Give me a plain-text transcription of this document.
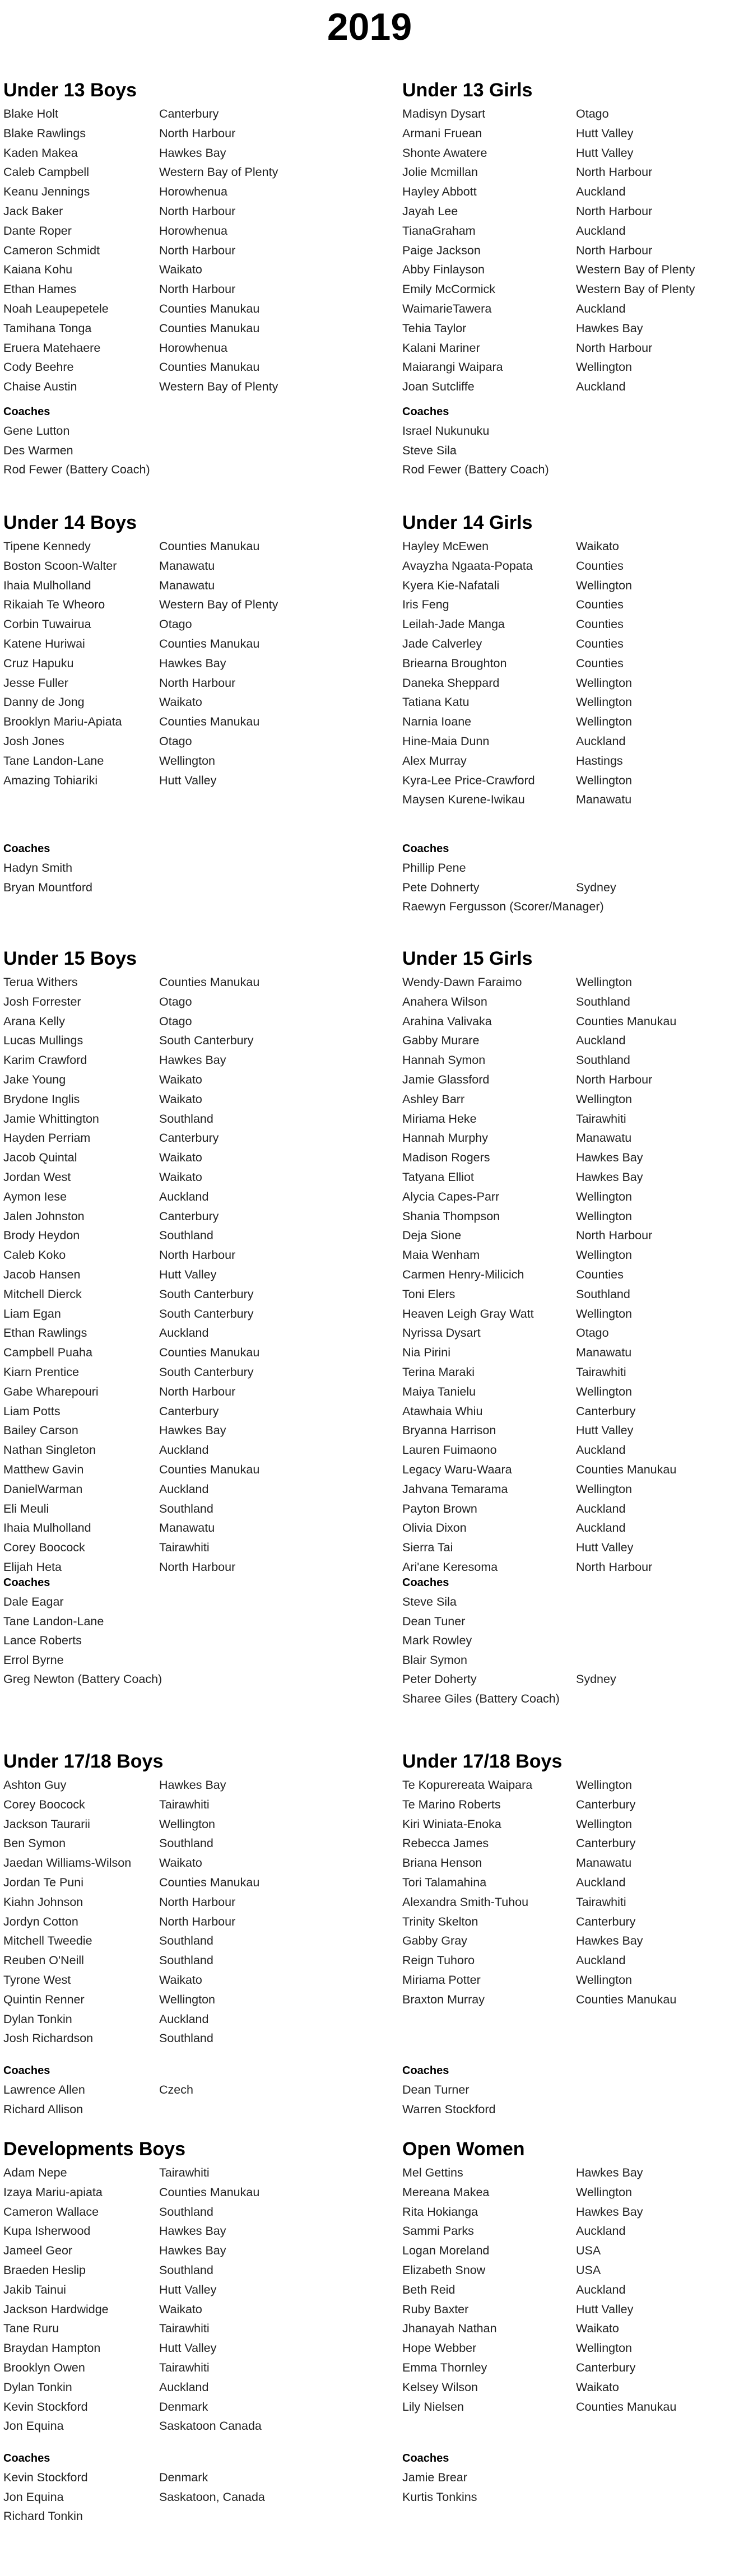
2019
Under 13 Boys
Blake Holt	Canterbury
Blake Rawlings	North Harbour
Kaden Makea	Hawkes Bay
Caleb Campbell	Western Bay of Plenty
Keanu Jennings	Horowhenua
Jack Baker	North Harbour
Dante Roper	Horowhenua
Cameron Schmidt	North Harbour
Kaiana Kohu	Waikato
Ethan Hames	North Harbour
Noah Leaupepetele	Counties Manukau
Tamihana Tonga	Counties Manukau
Eruera Matehaere	Horowhenua
Cody Beehre	Counties Manukau
Chaise Austin	Western Bay of Plenty
Coaches
Gene Lutton
Des Warmen
Rod Fewer (Battery Coach)
Under 13 Girls
Madisyn Dysart	Otago
Armani Fruean	Hutt Valley
Shonte Awatere	Hutt Valley
Jolie Mcmillan	North Harbour
Hayley Abbott	Auckland
Jayah Lee	North Harbour
TianaGraham	Auckland
Paige Jackson	North Harbour
Abby Finlayson	Western Bay of Plenty
Emily McCormick	Western Bay of Plenty
WaimarieTawera	Auckland
Tehia Taylor	Hawkes Bay
Kalani Mariner	North Harbour
Maiarangi Waipara	Wellington
Joan Sutcliffe	Auckland
Coaches
Israel Nukunuku
Steve Sila
Rod Fewer (Battery Coach)
Under 14 Boys
Tipene Kennedy	Counties Manukau
Boston Scoon-Walter	Manawatu
Ihaia Mulholland	Manawatu
Rikaiah Te Wheoro	Western Bay of Plenty
Corbin Tuwairua	Otago
Katene Huriwai	Counties Manukau
Cruz Hapuku	Hawkes Bay
Jesse Fuller	North Harbour
Danny de Jong	Waikato
Brooklyn Mariu-Apiata	Counties Manukau
Josh Jones	Otago
Tane Landon-Lane	Wellington
Amazing Tohiariki	Hutt Valley
Coaches
Hadyn Smith
Bryan Mountford
Under 14 Girls
Hayley McEwen	Waikato
Avayzha Ngaata-Popata	Counties
Kyera Kie-Nafatali	Wellington
Iris Feng	Counties
Leilah-Jade Manga	Counties
Jade Calverley	Counties
Briearna Broughton	Counties
Daneka Sheppard	Wellington
Tatiana Katu	Wellington
Narnia Ioane	Wellington
Hine-Maia Dunn	Auckland
Alex Murray	Hastings
Kyra-Lee Price-Crawford	Wellington
Maysen Kurene-Iwikau	Manawatu
Coaches
Phillip Pene
Pete Dohnerty	Sydney
Raewyn Fergusson (Scorer/Manager)
Under 15 Boys
Terua Withers	Counties Manukau
Josh Forrester	Otago
Arana Kelly	Otago
Lucas Mullings	South Canterbury
Karim Crawford	Hawkes Bay
Jake Young	Waikato
Brydone Inglis	Waikato
Jamie Whittington	Southland
Hayden Perriam	Canterbury
Jacob Quintal	Waikato
Jordan West	Waikato
Aymon Iese	Auckland
Jalen Johnston	Canterbury
Brody Heydon	Southland
Caleb Koko	North Harbour
Jacob Hansen	Hutt Valley
Mitchell Dierck	South Canterbury
Liam Egan	South Canterbury
Ethan Rawlings	Auckland
Campbell Puaha	Counties Manukau
Kiarn Prentice	South Canterbury
Gabe Wharepouri	North Harbour
Liam Potts	Canterbury
Bailey Carson	Hawkes Bay
Nathan Singleton	Auckland
Matthew Gavin	Counties Manukau
DanielWarman	Auckland
Eli Meuli	Southland
Ihaia Mulholland	Manawatu
Corey Boocock	Tairawhiti
Elijah Heta	North Harbour
Coaches
Dale Eagar
Tane Landon-Lane
Lance Roberts
Errol Byrne
Greg Newton (Battery Coach)
Under 15 Girls
Wendy-Dawn Faraimo	Wellington
Anahera Wilson	Southland
Arahina Valivaka	Counties Manukau
Gabby Murare	Auckland
Hannah Symon	Southland
Jamie Glassford	North Harbour
Ashley Barr	Wellington
Miriama Heke	Tairawhiti
Hannah Murphy	Manawatu
Madison Rogers	Hawkes Bay
Tatyana Elliot	Hawkes Bay
Alycia Capes-Parr	Wellington
Shania Thompson	Wellington
Deja Sione	North Harbour
Maia Wenham	Wellington
Carmen Henry-Milicich	Counties
Toni Elers	Southland
Heaven Leigh Gray Watt	Wellington
Nyrissa Dysart	Otago
Nia Pirini	Manawatu
Terina Maraki	Tairawhiti
Maiya Tanielu	Wellington
Atawhaia Whiu	Canterbury
Bryanna Harrison	Hutt Valley
Lauren Fuimaono	Auckland
Legacy Waru-Waara	Counties Manukau
Jahvana Temarama	Wellington
Payton Brown	Auckland
Olivia Dixon	Auckland
Sierra Tai	Hutt Valley
Ari'ane Keresoma	North Harbour
Coaches
Steve Sila
Dean Tuner
Mark Rowley
Blair Symon
Peter Doherty	Sydney
Sharee Giles (Battery Coach)
Under 17/18 Boys
Ashton Guy	Hawkes Bay
Corey Boocock	Tairawhiti
Jackson Taurarii	Wellington
Ben Symon	Southland
Jaedan Williams-Wilson Waikato
Jordan Te Puni	Counties Manukau
Kiahn Johnson	North Harbour
Jordyn Cotton	North Harbour
Mitchell Tweedie	Southland
Reuben O'Neill	Southland
Tyrone West	Waikato
Quintin Renner	Wellington
Dylan Tonkin	Auckland
Josh Richardson	Southland
Coaches
Lawrence Allen	Czech
Richard Allison
Under 17/18 Boys
Te Kopurereata Waipara	Wellington
Te Marino Roberts	Canterbury
Kiri Winiata-Enoka	Wellington
Rebecca James	Canterbury
Briana Henson	Manawatu
Tori Talamahina	Auckland
Alexandra Smith-Tuhou	Tairawhiti
Trinity Skelton	Canterbury
Gabby Gray	Hawkes Bay
Reign Tuhoro	Auckland
Miriama Potter	Wellington
Braxton Murray	Counties Manukau
Coaches
Dean Turner
Warren Stockford
Developments Boys
Adam Nepe	Tairawhiti
Izaya Mariu-apiata	Counties Manukau
Cameron Wallace	Southland
Kupa Isherwood	Hawkes Bay
Jameel Geor	Hawkes Bay
Braeden Heslip	Southland
Jakib Tainui	Hutt Valley
Jackson Hardwidge	Waikato
Tane Ruru	Tairawhiti
Braydan Hampton	Hutt Valley
Brooklyn Owen	Tairawhiti
Dylan Tonkin	Auckland
Kevin Stockford	Denmark
Jon Equina	Saskatoon Canada
Coaches
Kevin Stockford	Denmark
Jon Equina	Saskatoon, Canada
Richard Tonkin
Open Women
Mel Gettins	Hawkes Bay
Mereana Makea	Wellington
Rita Hokianga	Hawkes Bay
Sammi Parks	Auckland
Logan Moreland	USA
Elizabeth Snow	USA
Beth Reid	Auckland
Ruby Baxter	Hutt Valley
Jhanayah Nathan	Waikato
Hope Webber	Wellington
Emma Thornley	Canterbury
Kelsey Wilson	Waikato
Lily Nielsen	Counties Manukau
Coaches
Jamie Brear
Kurtis Tonkins
